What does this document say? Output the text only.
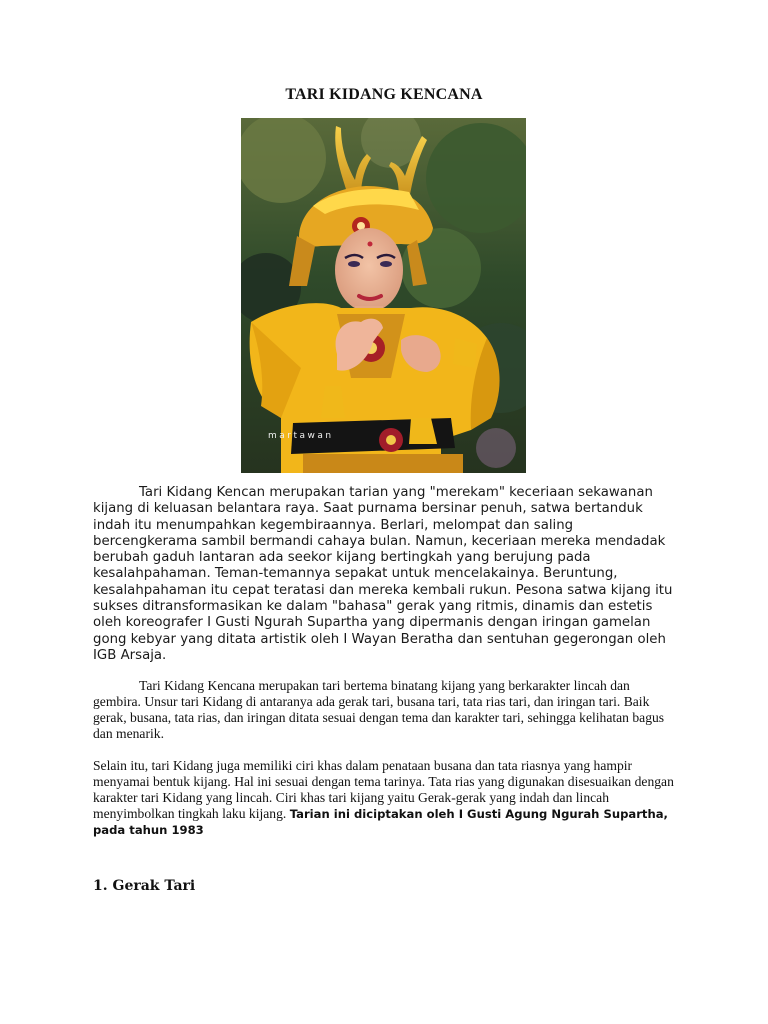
TARI KIDANG KENCANA
martawan

Tari Kidang Kencan merupakan tarian yang "merekam" keceriaan sekawanan kijang di keluasan belantara raya. Saat purnama bersinar penuh, satwa bertanduk indah itu menumpahkan kegembiraannya. Berlari, melompat dan saling bercengkerama sambil bermandi cahaya bulan. Namun, keceriaan mereka mendadak berubah gaduh lantaran ada seekor kijang bertingkah yang berujung pada kesalahpahaman. Teman-temannya sepakat untuk mencelakainya. Beruntung, kesalahpahaman itu cepat teratasi dan mereka kembali rukun. Pesona satwa kijang itu sukses ditransformasikan ke dalam "bahasa" gerak yang ritmis, dinamis dan estetis oleh koreografer I Gusti Ngurah Supartha yang dipermanis dengan iringan gamelan gong kebyar yang ditata artistik oleh I Wayan Beratha dan sentuhan gegerongan oleh IGB Arsaja.

Tari Kidang Kencana merupakan tari bertema binatang kijang yang berkarakter lincah dan gembira. Unsur tari Kidang di antaranya ada gerak tari, busana tari, tata rias tari, dan iringan tari. Baik gerak, busana, tata rias, dan iringan ditata sesuai dengan tema dan karakter tari, sehingga kelihatan bagus dan menarik.

Selain itu, tari Kidang juga memiliki ciri khas dalam penataan busana dan tata riasnya yang hampir menyamai bentuk kijang. Hal ini sesuai dengan tema tarinya. Tata rias yang digunakan disesuaikan dengan karakter tari Kidang yang lincah. Ciri khas tari kijang yaitu Gerak-gerak yang indah dan lincah menyimbolkan tingkah laku kijang. Tarian ini diciptakan oleh I Gusti Agung Ngurah Supartha, pada tahun 1983

1. Gerak Tari
